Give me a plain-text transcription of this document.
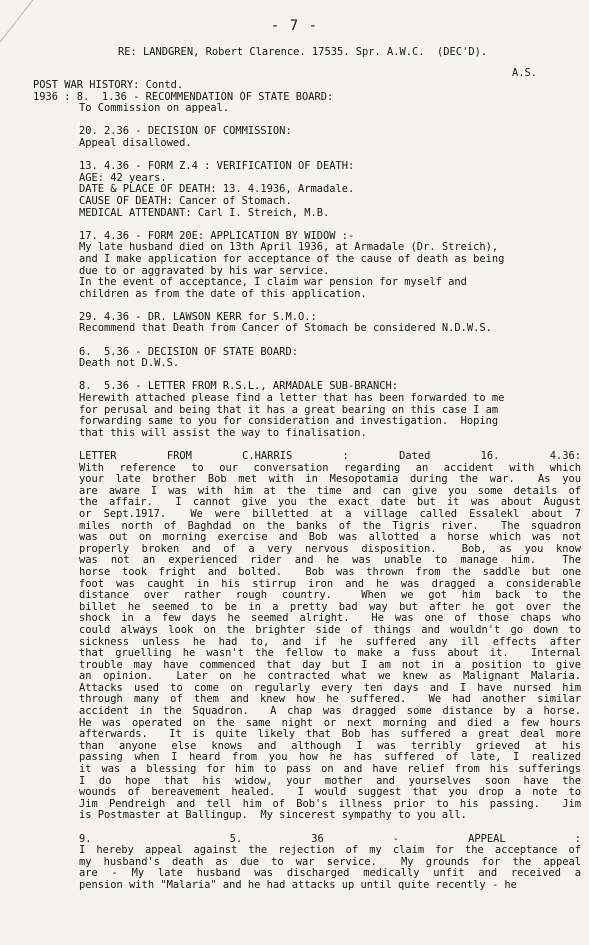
- 7 -
RE: LANDGREN, Robert Clarence. 17535. Spr. A.W.C.  (DEC'D).
A.S.
POST WAR HISTORY: Contd.
1936 : 8.  1.36 - RECOMMENDATION OF STATE BOARD:
To Commission on appeal.
20. 2.36 - DECISION OF COMMISSION:
Appeal disallowed.
13. 4.36 - FORM Z.4 : VERIFICATION OF DEATH:
AGE: 42 years.
DATE & PLACE OF DEATH: 13. 4.1936, Armadale.
CAUSE OF DEATH: Cancer of Stomach.
MEDICAL ATTENDANT: Carl I. Streich, M.B.
17. 4.36 - FORM 20E: APPLICATION BY WIDOW :-
My late husband died on 13th April 1936, at Armadale (Dr. Streich),
and I make application for acceptance of the cause of death as being
due to or aggravated by his war service.
In the event of acceptance, I claim war pension for myself and
children as from the date of this application.
29. 4.36 - DR. LAWSON KERR for S.M.O.:
Recommend that Death from Cancer of Stomach be considered N.D.W.S.
6.  5.36 - DECISION OF STATE BOARD:
Death not D.W.S.
8.  5.36 - LETTER FROM R.S.L., ARMADALE SUB-BRANCH:
Herewith attached please find a letter that has been forwarded to me
for perusal and being that it has a great bearing on this case I am
forwarding same to you for consideration and investigation.  Hoping
that this will assist the way to finalisation.
LETTER FROM C.HARRIS : Dated 16. 4.36:
With reference to our conversation regarding an accident with which
your late brother Bob met with in Mesopotamia during the war.  As you
are aware I was with him at the time and can give you some details of
the affair.  I cannot give you the exact date but it was about August
or Sept.1917.  We were billetted at a village called Essalekl about 7
miles north of Baghdad on the banks of the Tigris river.  The squadron
was out on morning exercise and Bob was allotted a horse which was not
properly broken and of a very nervous disposition.  Bob, as you know
was not an experienced rider and he was unable to manage him.  The
horse took fright and bolted.  Bob was thrown from the saddle but one
foot was caught in his stirrup iron and he was dragged a considerable
distance over rather rough country.  When we got him back to the
billet he seemed to be in a pretty bad way but after he got over the
shock in a few days he seemed alright.  He was one of those chaps who
could always look on the brighter side of things and wouldn't go down to
sickness unless he had to, and if he suffered any ill effects after
that gruelling he wasn't the fellow to make a fuss about it.  Internal
trouble may have commenced that day but I am not in a position to give
an opinion.  Later on he contracted what we knew as Malignant Malaria.
Attacks used to come on regularly every ten days and I have nursed him
through many of them and knew how he suffered.  We had another similar
accident in the Squadron.  A chap was dragged some distance by a horse.
He was operated on the same night or next morning and died a few hours
afterwards.  It is quite likely that Bob has suffered a great deal more
than anyone else knows and although I was terribly grieved at his
passing when I heard from you how he has suffered of late, I realized
it was a blessing for him to pass on and have relief from his sufferings
I do hope that his widow, your mother and yourselves soon have the
wounds of bereavement healed.  I would suggest that you drop a note to
Jim Pendreigh and tell him of Bob's illness prior to his passing.  Jim
is Postmaster at Ballingup.  My sincerest sympathy to you all.
9.  5. 36 - APPEAL :
I hereby appeal against the rejection of my claim for the acceptance of
my husband's death as due to war service.  My grounds for the appeal
are - My late husband was discharged medically unfit and received a
pension with "Malaria" and he had attacks up until quite recently - he
